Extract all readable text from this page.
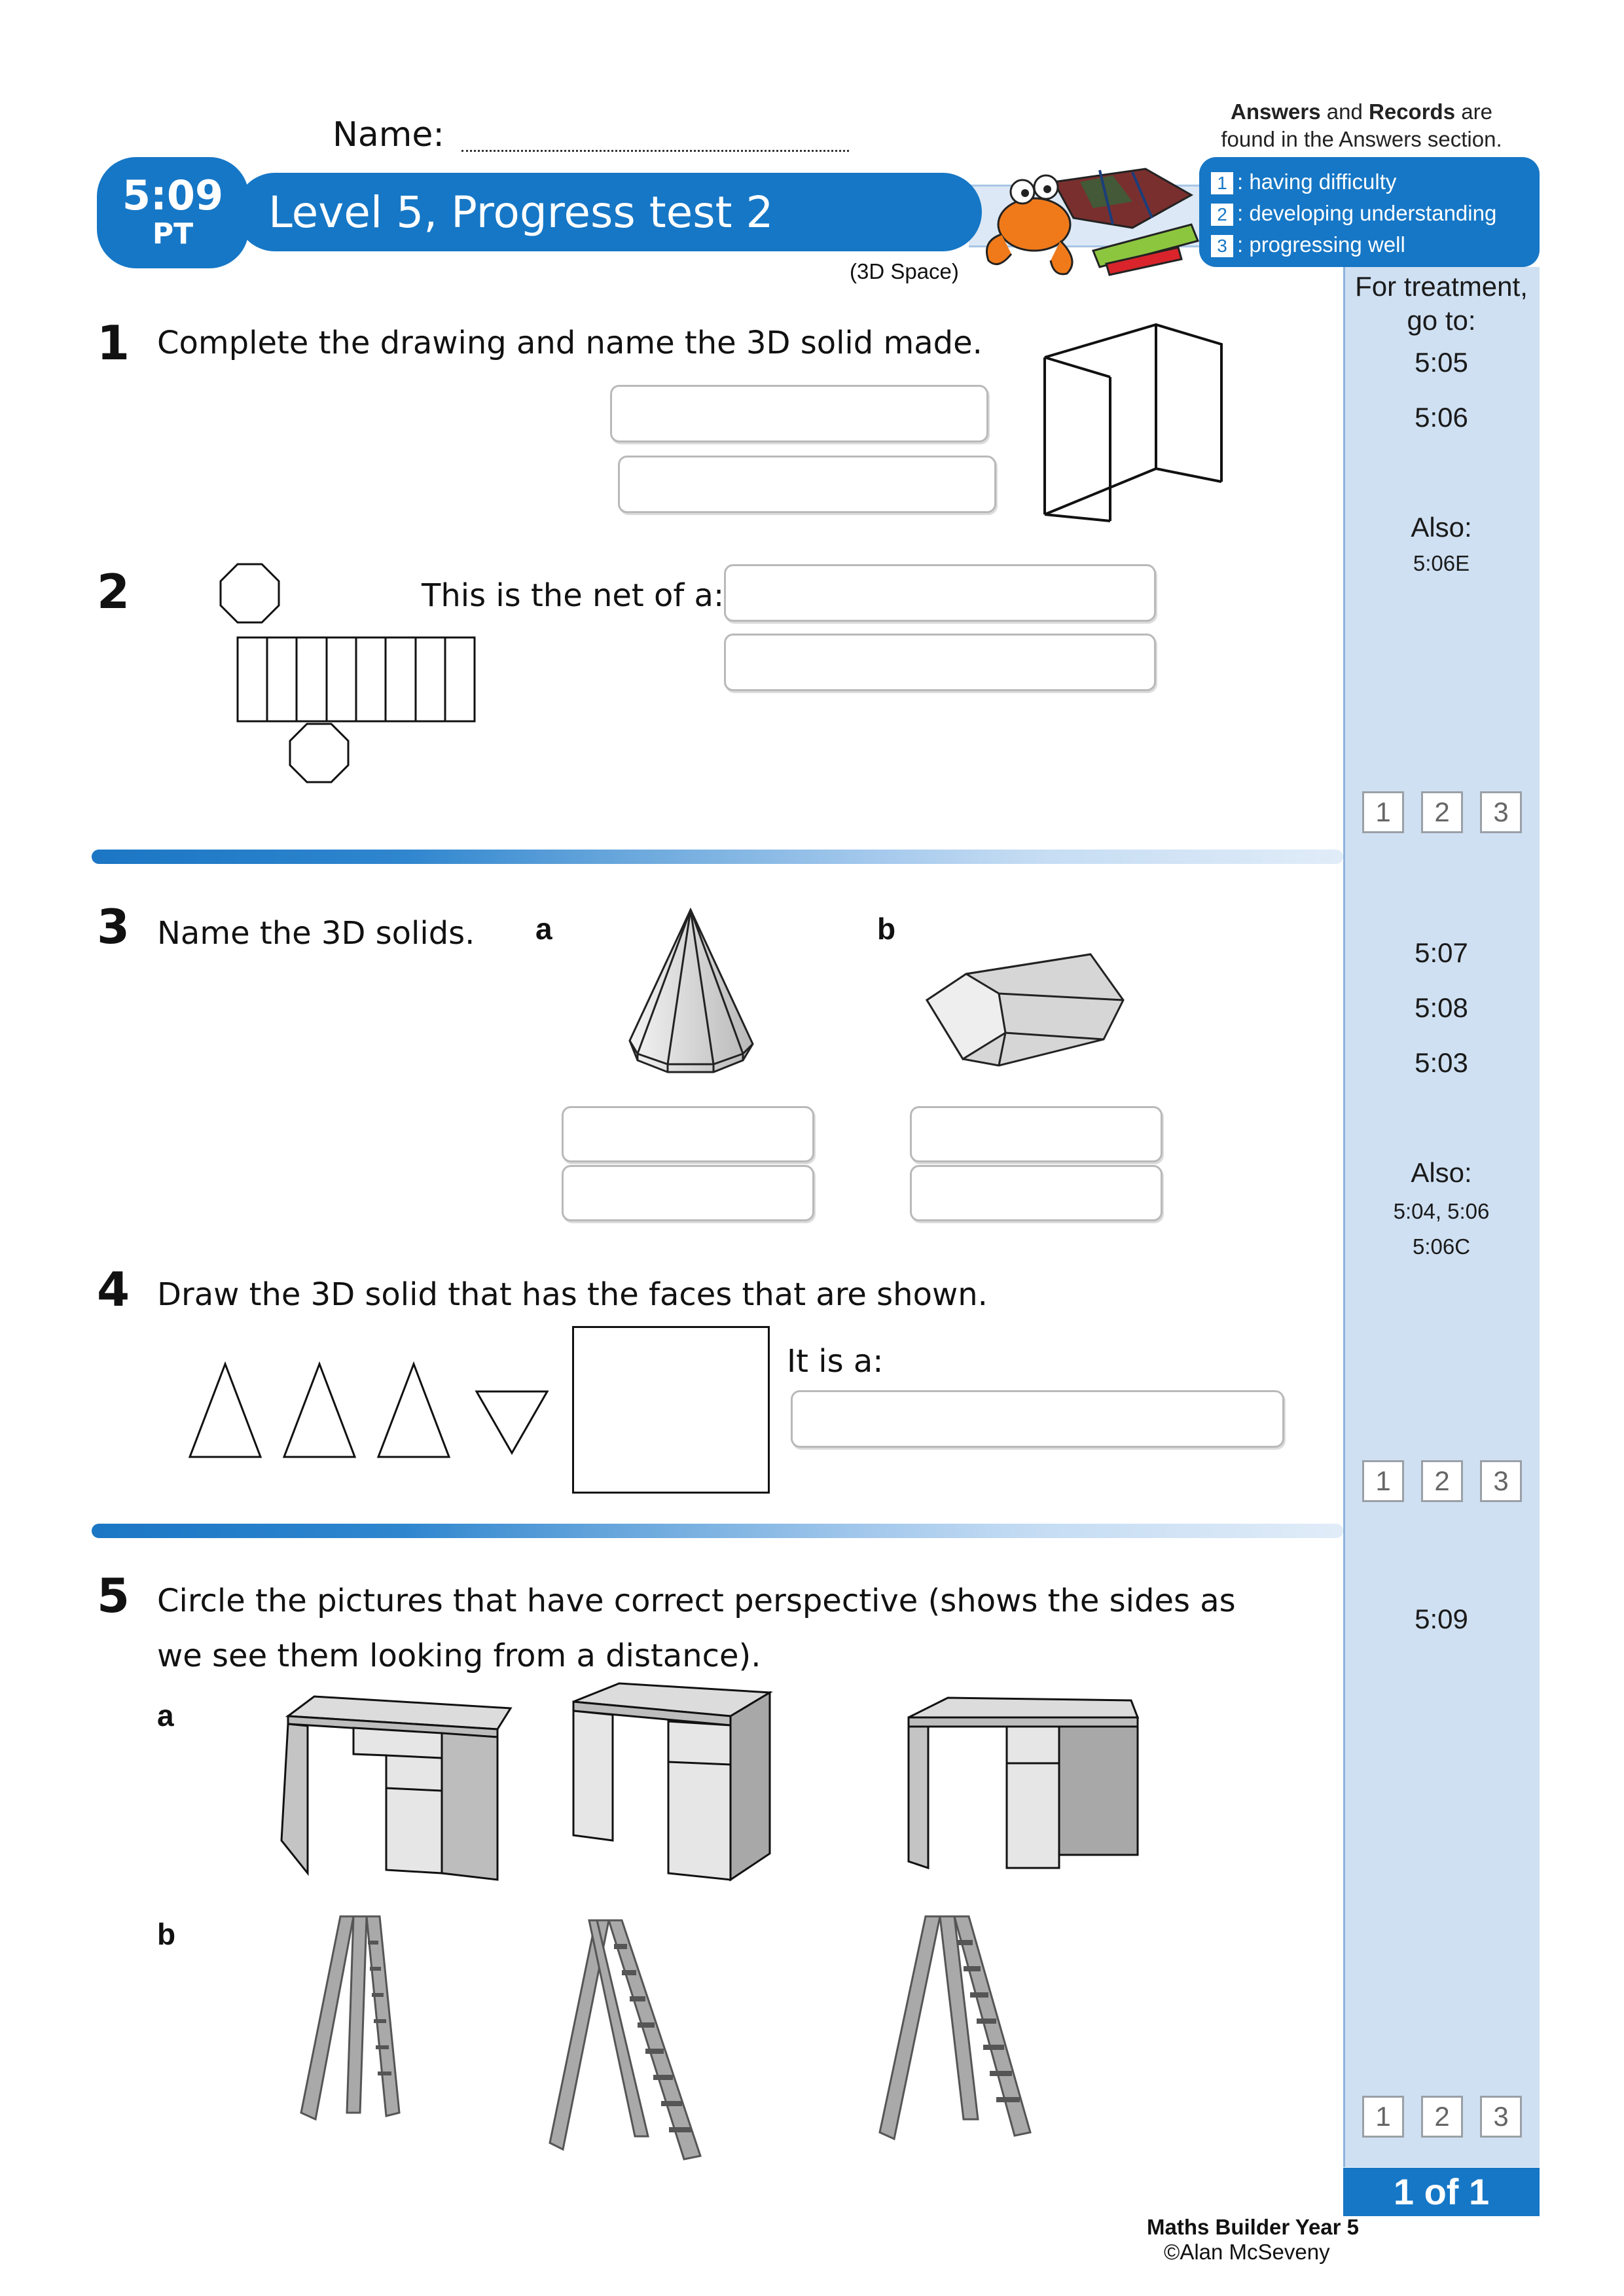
Name:
Answers and Records are
found in the Answers section.
5:09
PT	Level 5, Progress test 2
(3D Space)
1 : having difficulty
2 : developing understanding
3 : progressing well
For treatment,
go to:
5:05
5:06
Also:
5:06E
1	2	3
5:07
5:08
5:03
Also:
5:04, 5:06
5:06C
1	2	3
5:09
1	2	3
1 of 1
1 Complete the drawing and name the 3D solid made.
2	This is the net of a:
3 Name the 3D solids. a	b
4 Draw the 3D solid that has the faces that are shown.
It is a:
5 Circle the pictures that have correct perspective (shows the sides as
we see them looking from a distance).
a
b
Maths Builder Year 5
©Alan McSeveny
